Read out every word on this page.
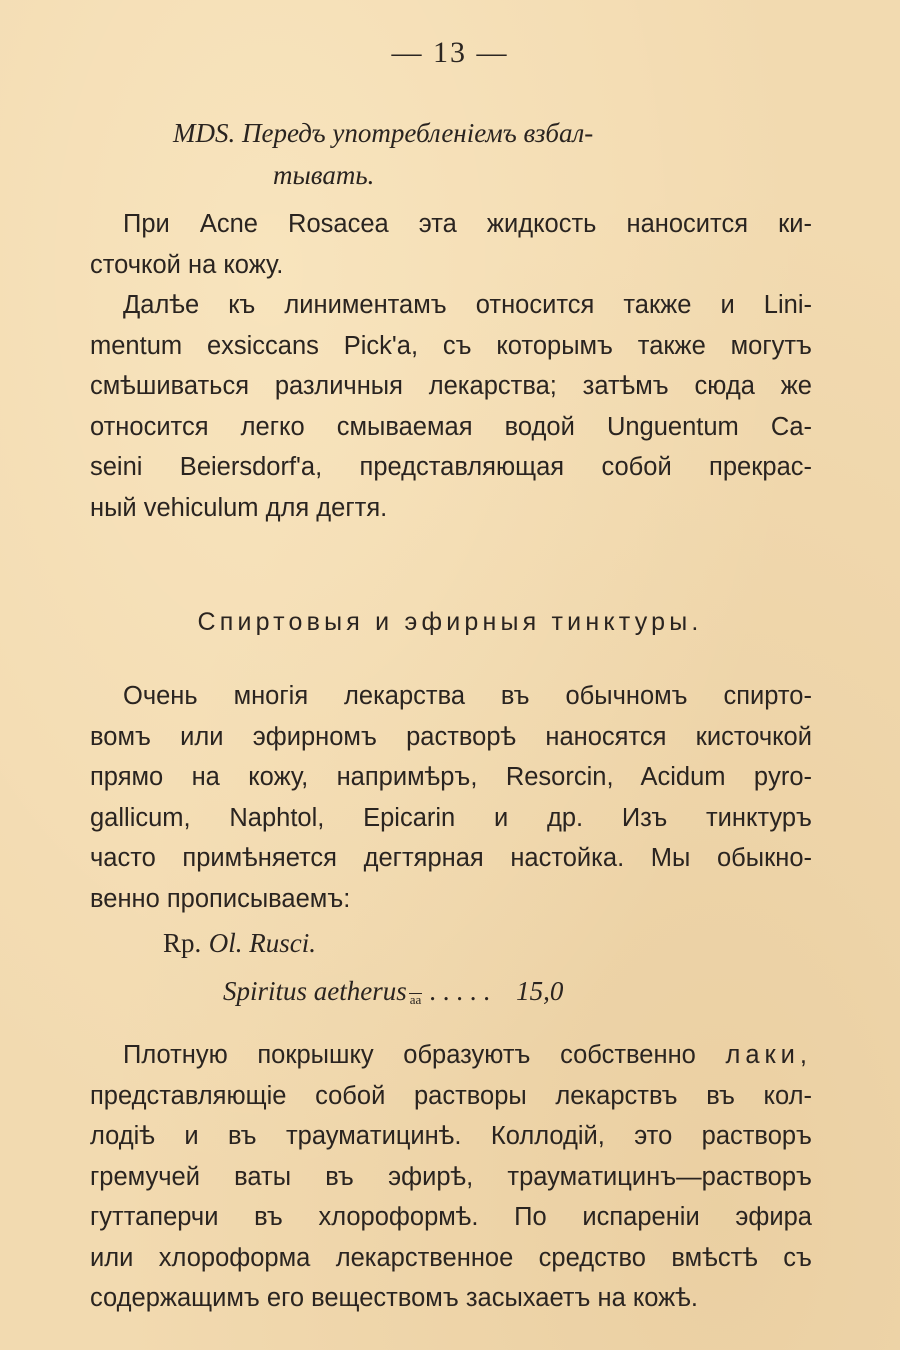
— 13 —
MDS. Передъ употребленіемъ взбал-
тывать.
При Acne Rosacea эта жидкость наносится ки-
сточкой на кожу.
Далѣе къ линиментамъ относится также и Lini-
mentum exsiccans Pick'a, съ которымъ также могутъ
смѣшиваться различныя лекарства; затѣмъ сюда же
относится легко смываемая водой Unguentum Ca-
seini Beiersdorf'a, представляющая собой прекрас-
ный vehiculum для дегтя.
Спиртовыя и эфирныя тинктуры.
Очень многія лекарства въ обычномъ спирто-
вомъ или эфирномъ растворѣ наносятся кисточкой
прямо на кожу, напримѣръ, Resorcin, Acidum pyro-
gallicum, Naphtol, Epicarin и др. Изъ тинктуръ
часто примѣняется дегтярная настойка. Мы обыкно-
венно прописываемъ:
Rp. Ol. Rusci.
Spiritus aetherus aa . . . . . 15,0
Плотную покрышку образуютъ собственно лаки,
представляющіе собой растворы лекарствъ въ кол-
лодіѣ и въ траумaтицинѣ. Коллодій, это растворъ
гремучей ваты въ эфирѣ, траумaтицинъ—растворъ
гуттаперчи въ хлороформѣ. По испареніи эфира
или хлороформа лекарственное средство вмѣстѣ съ
содержащимъ его веществомъ засыхаетъ на кожѣ.
